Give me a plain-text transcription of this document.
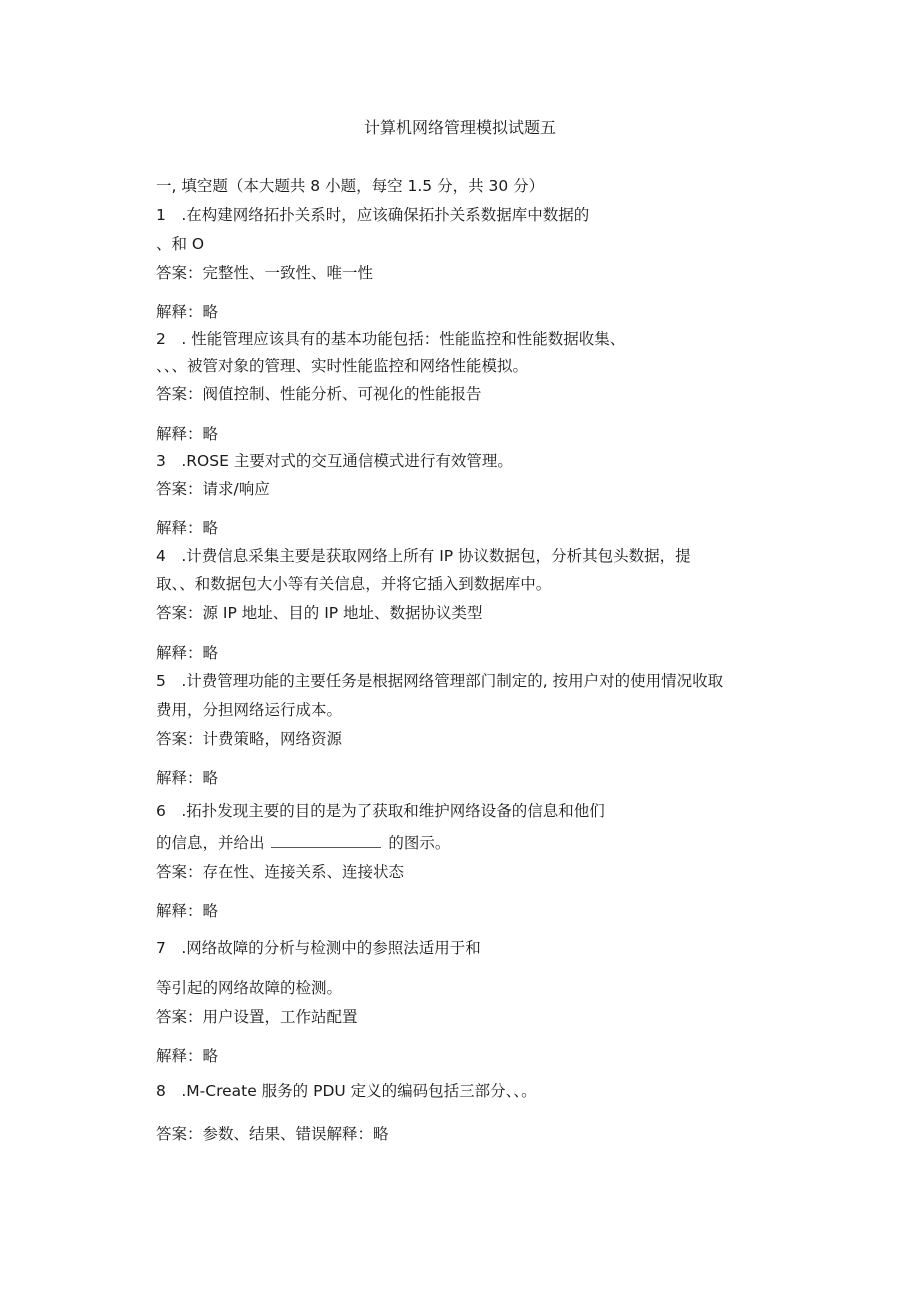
计算机网络管理模拟试题五
一, 填空题（本大题共 8 小题，每空 1.5 分，共 30 分）
1　.在构建网络拓扑关系时，应该确保拓扑关系数据库中数据的
、和 O
答案：完整性、一致性、唯一性
解释：略
2　. 性能管理应该具有的基本功能包括：性能监控和性能数据收集、
、、、被管对象的管理、实时性能监控和网络性能模拟。
答案：阀值控制、性能分析、可视化的性能报告
解释：略
3　.ROSE 主要对式的交互通信模式进行有效管理。
答案：请求/响应
解释：略
4　.计费信息采集主要是获取网络上所有 IP 协议数据包，分析其包头数据，提
取、、和数据包大小等有关信息，并将它插入到数据库中。
答案：源 IP 地址、目的 IP 地址、数据协议类型
解释：略
5　.计费管理功能的主要任务是根据网络管理部门制定的, 按用户对的使用情况收取
费用，分担网络运行成本。
答案：计费策略，网络资源
解释：略
6　.拓扑发现主要的目的是为了获取和维护网络设备的信息和他们
的信息，并给出	的图示。
答案：存在性、连接关系、连接状态
解释：略
7　.网络故障的分析与检测中的参照法适用于和
等引起的网络故障的检测。
答案：用户设置，工作站配置
解释：略
8　.M-Create 服务的 PDU 定义的编码包括三部分、、。
答案：参数、结果、错误解释：略
